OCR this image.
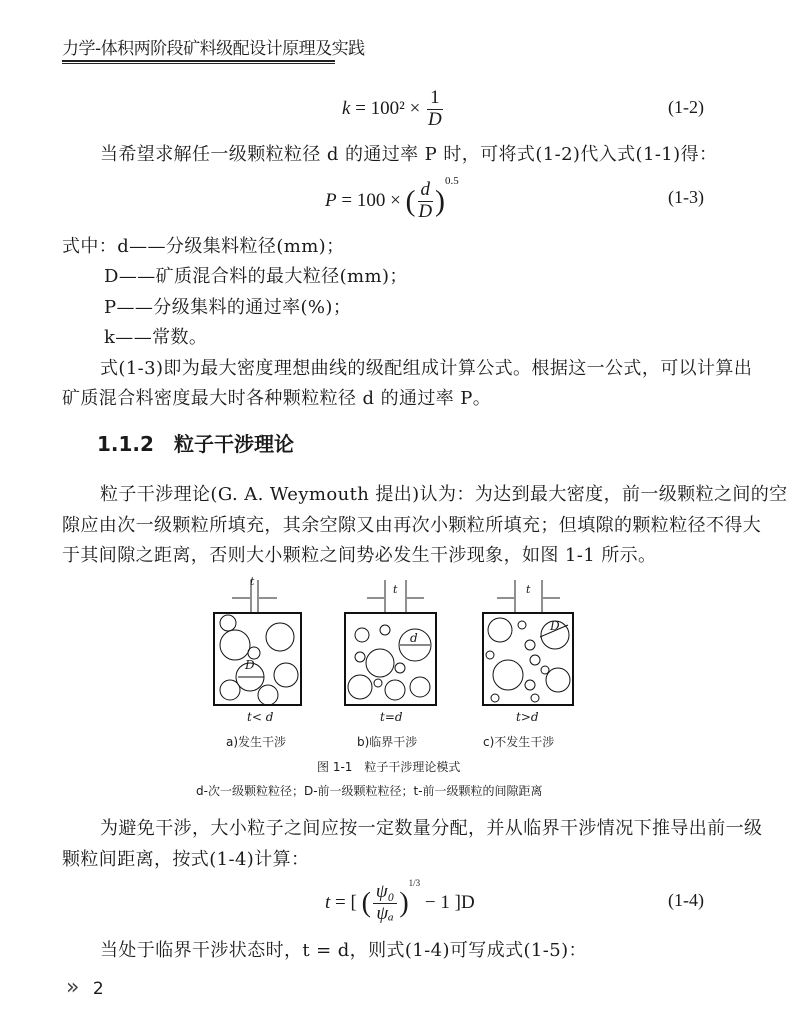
力学-体积两阶段矿料级配设计原理及实践
$k = 100^2 \times \frac{1}{D}$	(1-2)
当希望求解任一级颗粒粒径 d 的通过率 P 时，可将式(1-2)代入式(1-1)得：
P = 100 × ( $\frac{d}{D} )^{0.5}$
(1-3)
式中：d——分级集料粒径(mm)；
D——矿质混合料的最大粒径(mm)；
P——分级集料的通过率(%)；
k——常数。
式(1-3)即为最大密度理想曲线的级配组成计算公式。根据这一公式，可以计算出
矿质混合料密度最大时各种颗粒粒径 d 的通过率 P。
1.1.2　粒子干涉理论
粒子干涉理论(G. A. Weymouth 提出)认为：为达到最大密度，前一级颗粒之间的空
隙应由次一级颗粒所填充，其余空隙又由再次小颗粒所填充；但填隙的颗粒粒径不得大
于其间隙之距离，否则大小颗粒之间势必发生干涉现象，如图 1-1 所示。
t
t	t
D
d
D
t< d	t=d	t>d
a)发生干涉	b)临界干涉	c)不发生干涉
图 1-1　粒子干涉理论模式
d-次一级颗粒粒径；D-前一级颗粒粒径；t-前一级颗粒的间隙距离
为避免干涉，大小粒子之间应按一定数量分配，并从临界干涉情况下推导出前一级
颗粒间距离，按式(1-4)计算：
t = [ ( $\frac{\text{ψ₀}}{\text{ψₐ}} )^{1/3} - 1$ ]D	(1-4)
当处于临界干涉状态时，t = d，则式(1-4)可写成式(1-5)：
» 2
